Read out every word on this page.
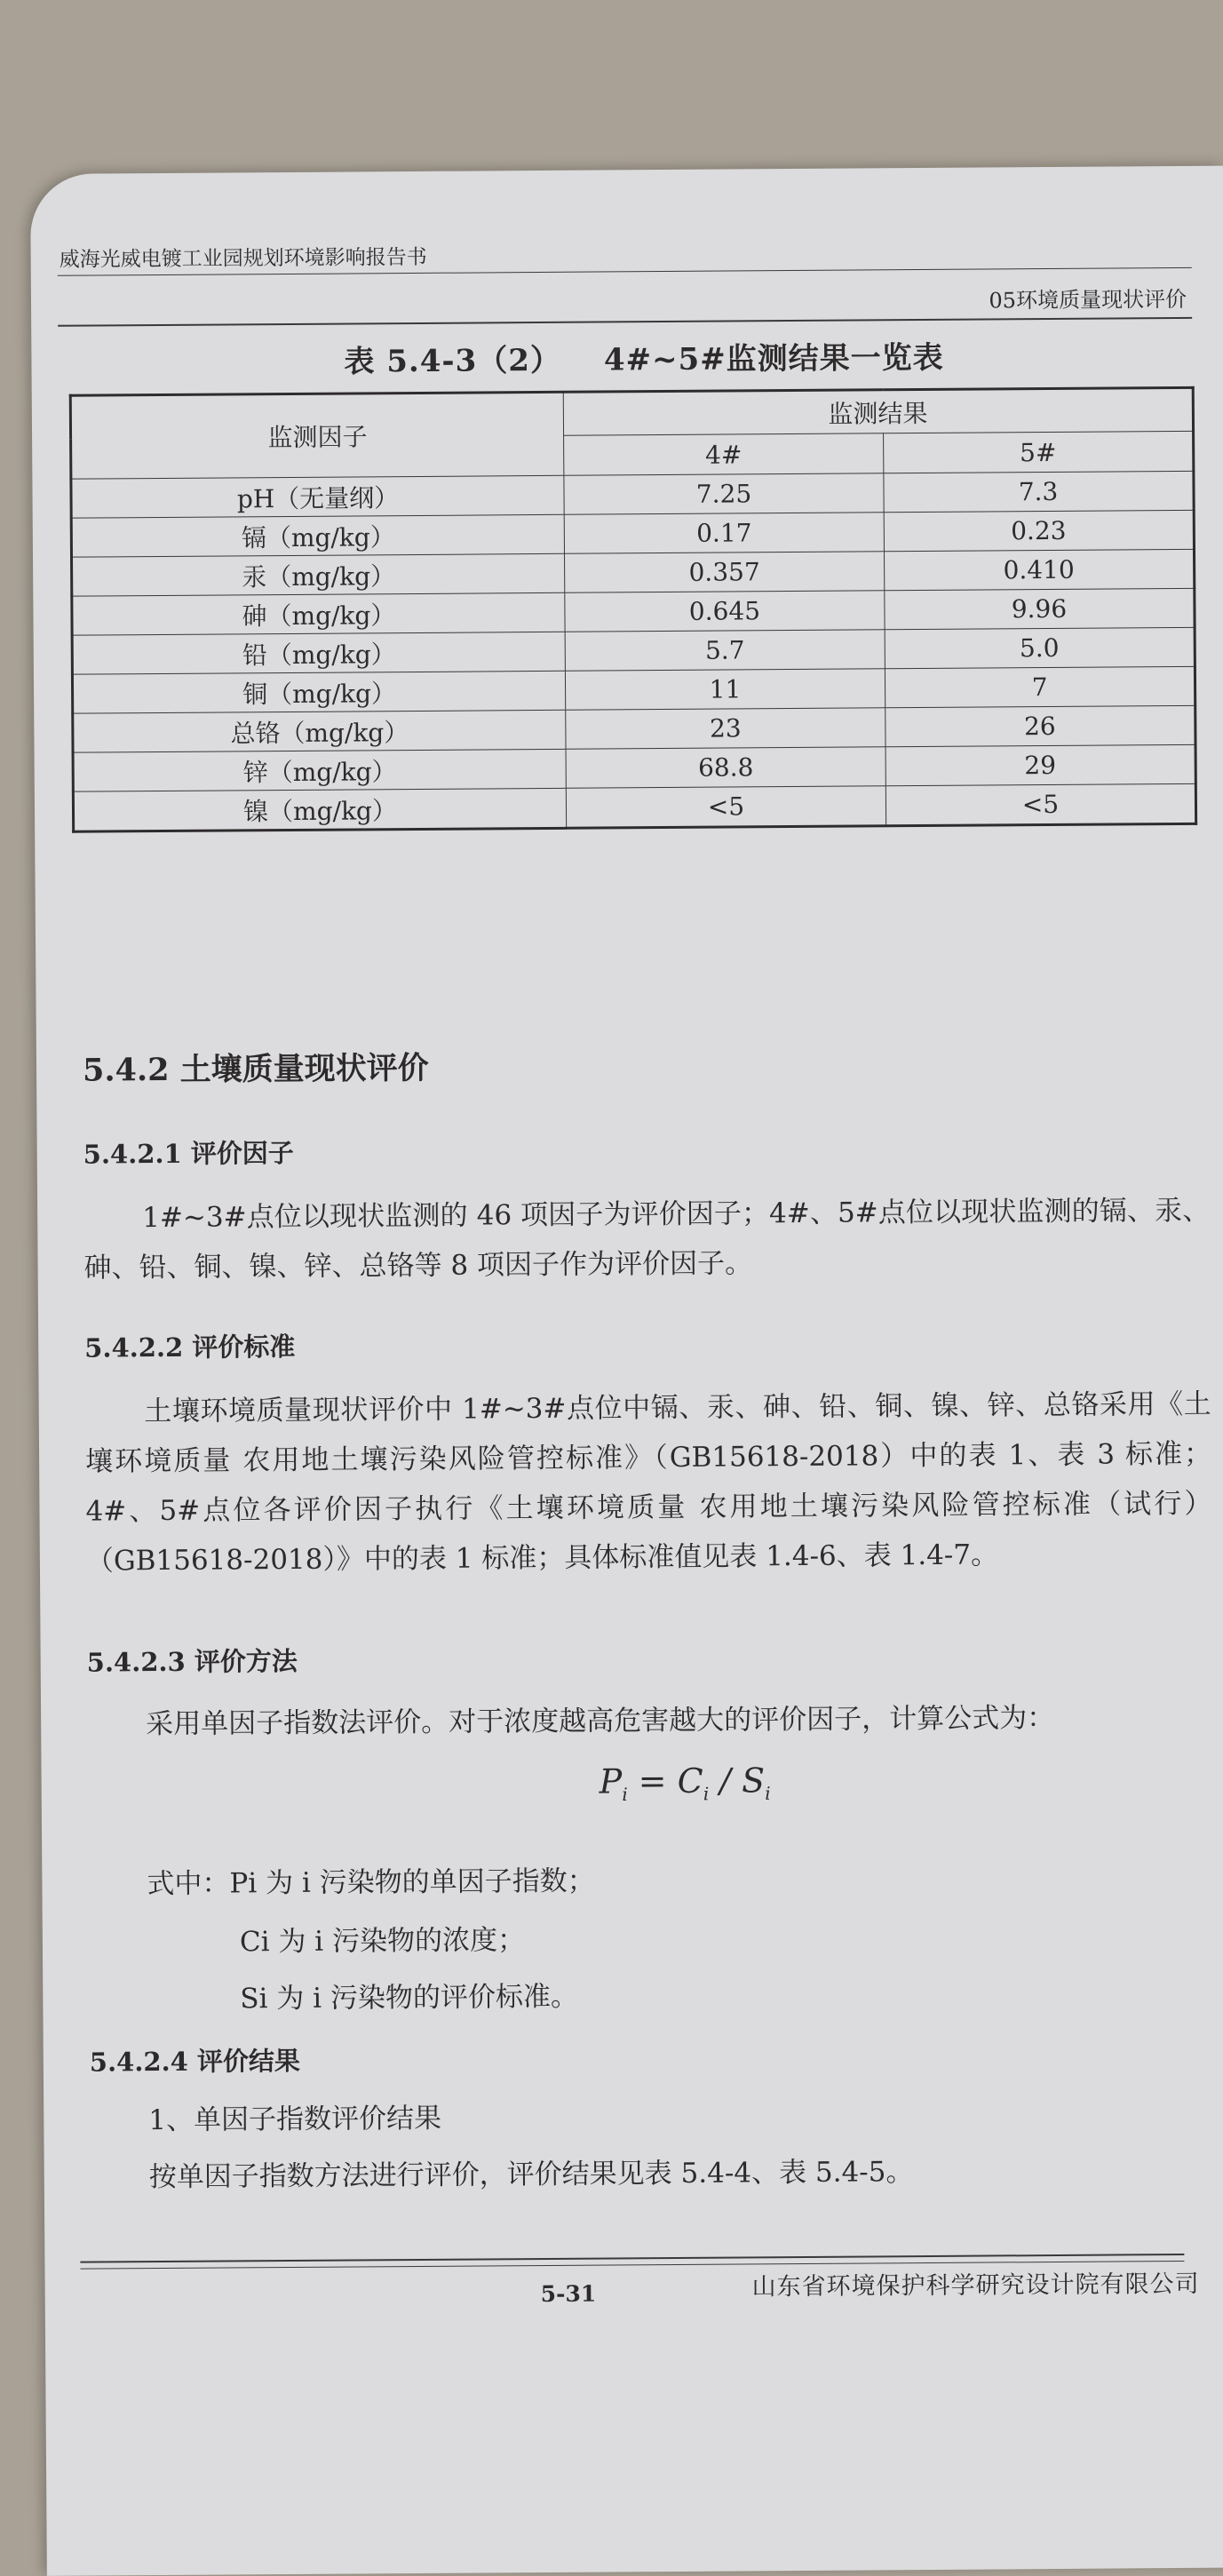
威海光威电镀工业园规划环境影响报告书
05环境质量现状评价
表 5.4-3（2） 4#~5#监测结果一览表
监测因子	监测结果	
	4#	5#
pH（无量纲）	7.25	7.3
镉（mg/kg）	0.17	0.23
汞（mg/kg）	0.357	0.410
砷（mg/kg）	0.645	9.96
铅（mg/kg）	5.7	5.0
铜（mg/kg）	11	7
总铬（mg/kg）	23	26
锌（mg/kg）	68.8	29
镍（mg/kg）	<5	<5
5.4.2 土壤质量现状评价
5.4.2.1 评价因子
1#~3#点位以现状监测的 46 项因子为评价因子；4#、5#点位以现状监测的镉、汞、砷、铅、铜、镍、锌、总铬等 8 项因子作为评价因子。
5.4.2.2 评价标准
土壤环境质量现状评价中 1#~3#点位中镉、汞、砷、铅、铜、镍、锌、总铬采用《土壤环境质量 农用地土壤污染风险管控标准》（GB15618-2018）中的表 1、表 3 标准；4#、5#点位各评价因子执行《土壤环境质量 农用地土壤污染风险管控标准（试行）（GB15618-2018）》中的表 1 标准；具体标准值见表 1.4-6、表 1.4-7。
5.4.2.3 评价方法
采用单因子指数法评价。对于浓度越高危害越大的评价因子，计算公式为：
$P_i = C_i / S_i$
式中：Pi 为 i 污染物的单因子指数；
Ci 为 i 污染物的浓度；
Si 为 i 污染物的评价标准。
5.4.2.4 评价结果
1、单因子指数评价结果
按单因子指数方法进行评价，评价结果见表 5.4-4、表 5.4-5。
5-31	山东省环境保护科学研究设计院有限公司
